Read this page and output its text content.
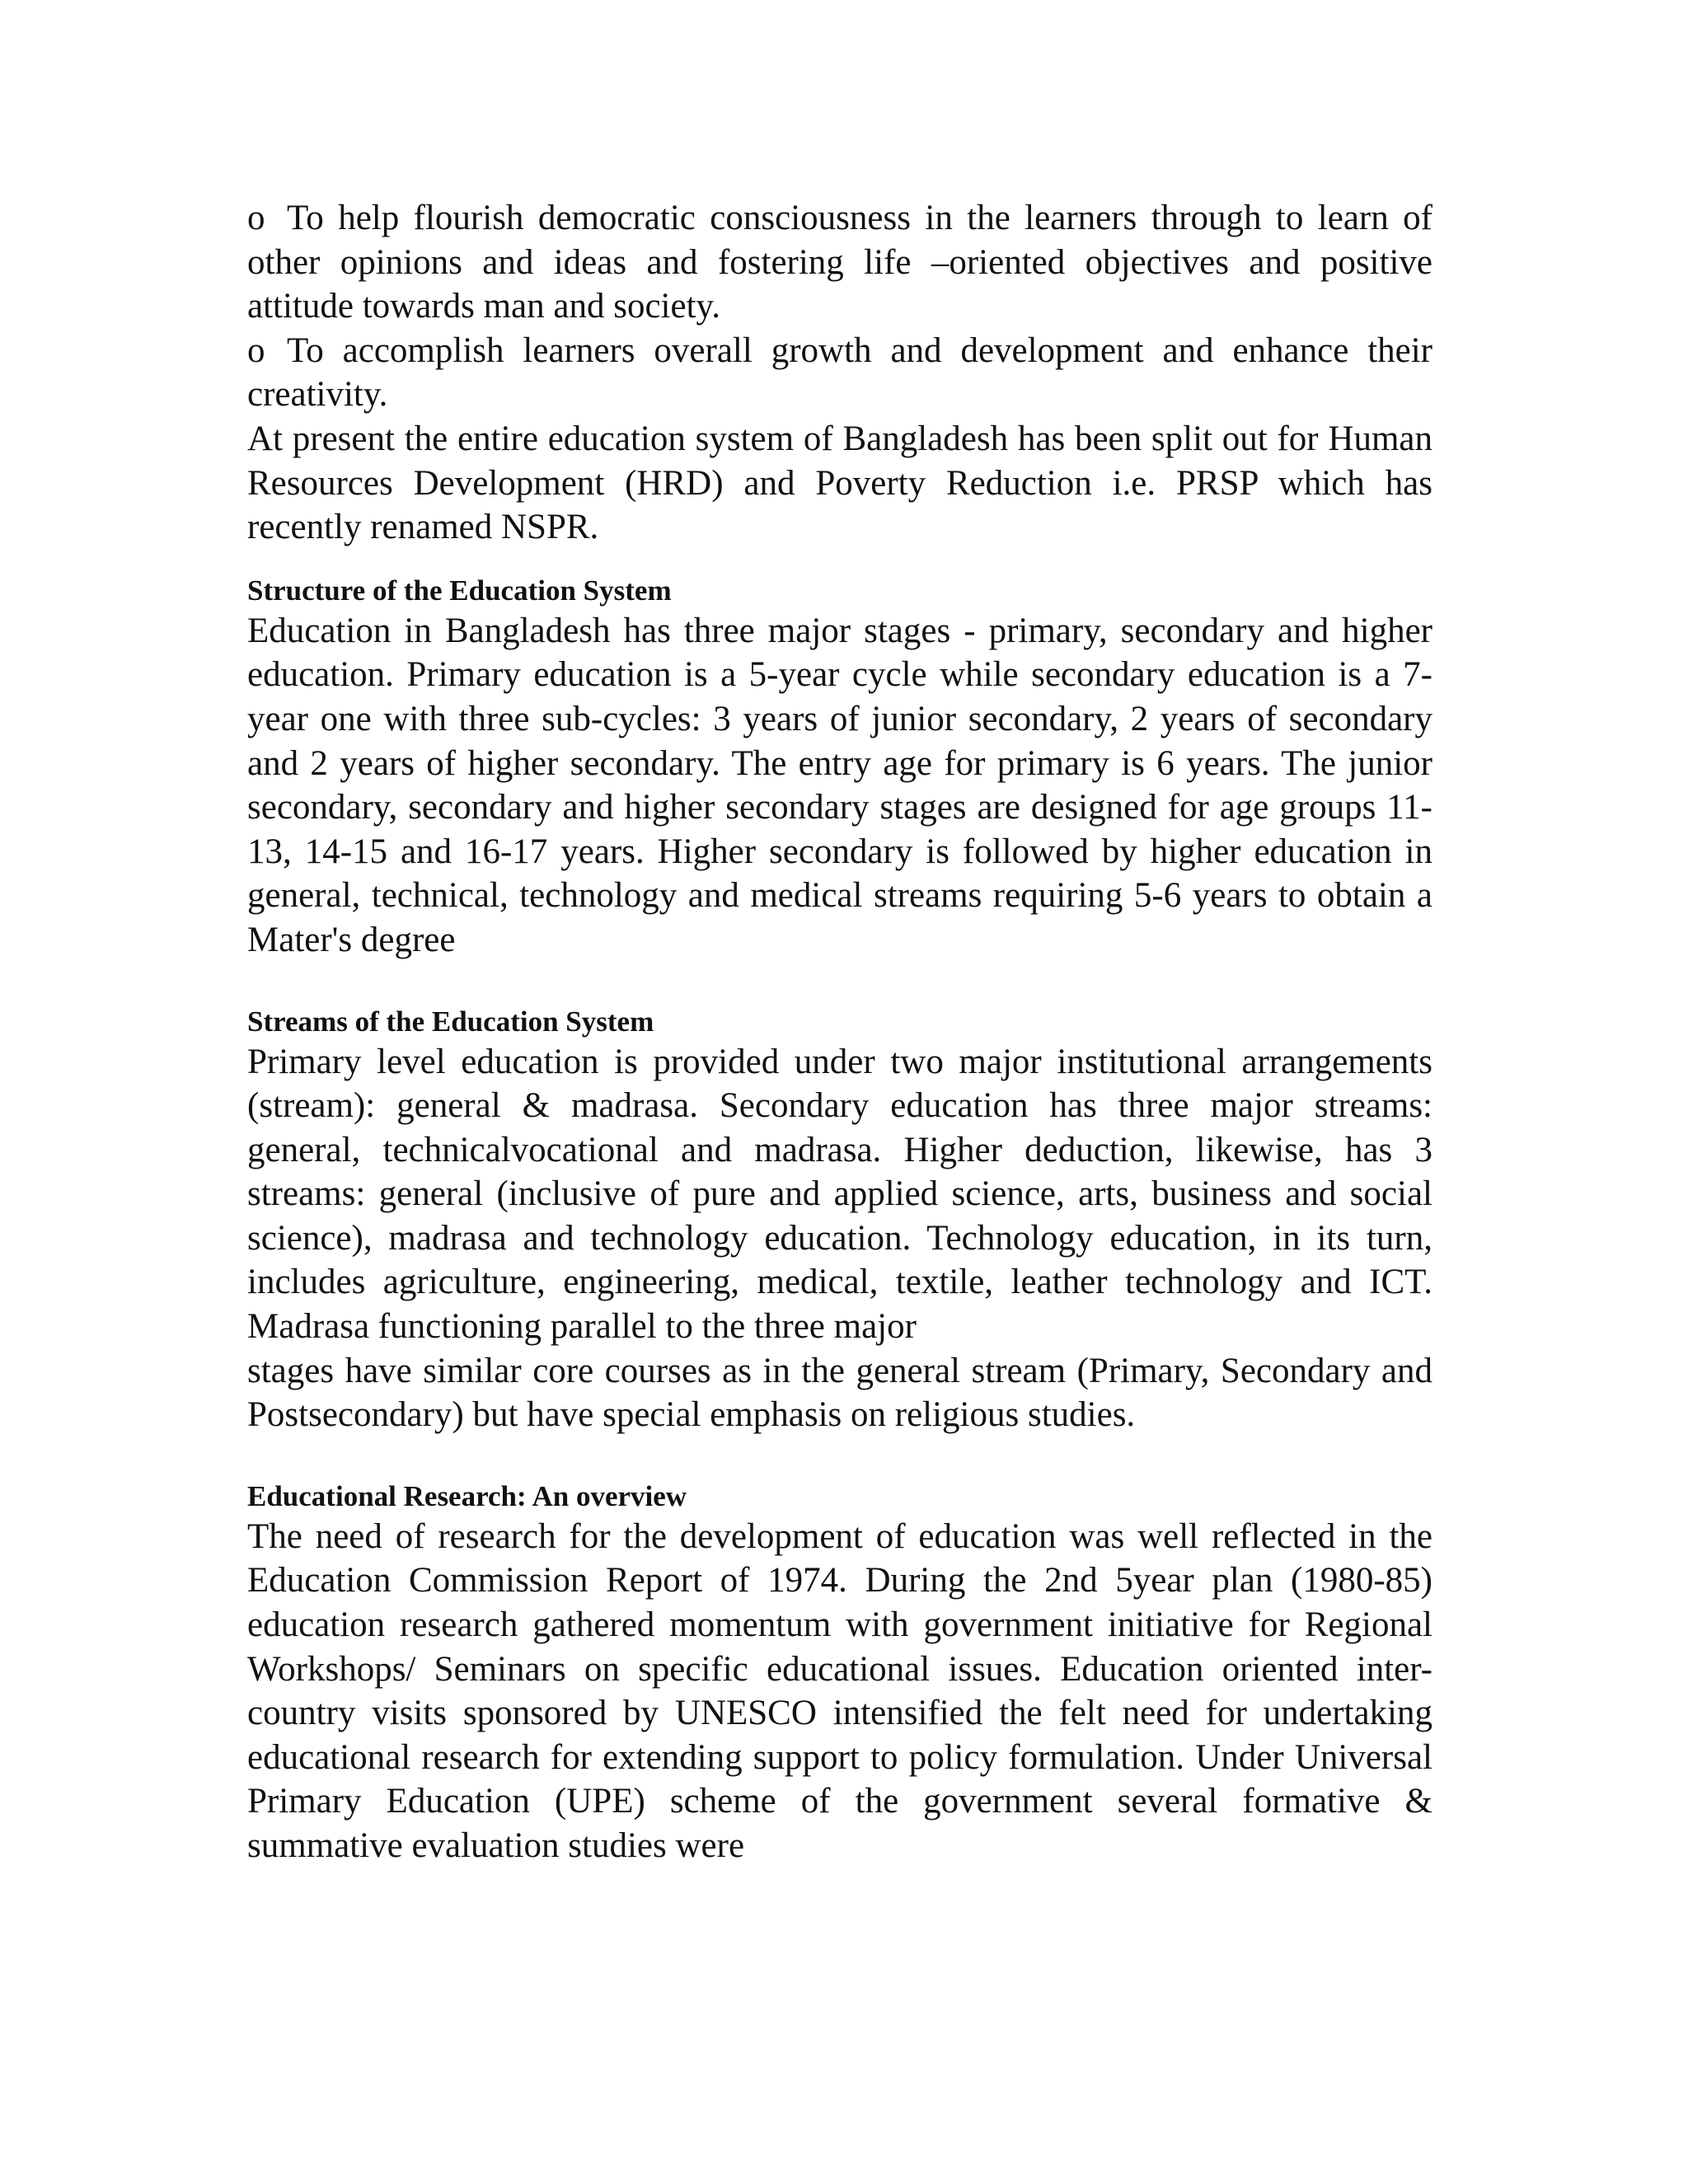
o To help flourish democratic consciousness in the learners through to learn of other opinions and ideas and fostering life –oriented objectives and positive attitude towards man and society.

o To accomplish learners overall growth and development and enhance their creativity.

At present the entire education system of Bangladesh has been split out for Human Resources Development (HRD) and Poverty Reduction i.e. PRSP which has recently renamed NSPR.

Structure of the Education System

Education in Bangladesh has three major stages - primary, secondary and higher education. Primary education is a 5-year cycle while secondary education is a 7-year one with three sub-cycles: 3 years of junior secondary, 2 years of secondary and 2 years of higher secondary. The entry age for primary is 6 years. The junior secondary, secondary and higher secondary stages are designed for age groups 11-13, 14-15 and 16-17 years. Higher secondary is followed by higher education in general, technical, technology and medical streams requiring 5-6 years to obtain a Mater's degree

Streams of the Education System

Primary level education is provided under two major institutional arrangements (stream): general & madrasa. Secondary education has three major streams: general, technicalvocational and madrasa. Higher deduction, likewise, has 3 streams: general (inclusive of pure and applied science, arts, business and social science), madrasa and technology education. Technology education, in its turn, includes agriculture, engineering, medical, textile, leather technology and ICT. Madrasa functioning parallel to the three major

stages have similar core courses as in the general stream (Primary, Secondary and Postsecondary) but have special emphasis on religious studies.

Educational Research: An overview

The need of research for the development of education was well reflected in the Education Commission Report of 1974. During the 2nd 5year plan (1980-85) education research gathered momentum with government initiative for Regional Workshops/ Seminars on specific educational issues. Education oriented inter-country visits sponsored by UNESCO intensified the felt need for undertaking educational research for extending support to policy formulation. Under Universal Primary Education (UPE) scheme of the government several formative & summative evaluation studies were
